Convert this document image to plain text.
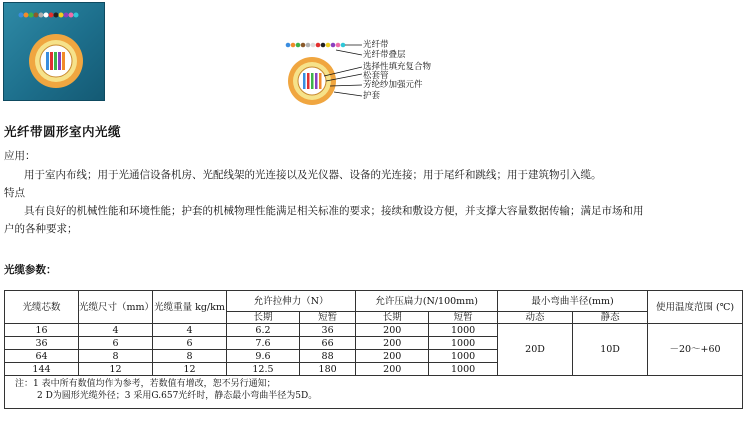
光纤带
光纤带叠层
选择性填充复合物
松套管
芳纶纱加强元件
护套
光纤带圆形室内光缆
应用：
用于室内布线；用于光通信设备机房、光配线架的光连接以及光仪器、设备的光连接；用于尾纤和跳线；用于建筑物引入缆。
特点
具有良好的机械性能和环境性能；护套的机械物理性能满足相关标准的要求；接续和敷设方便，并支撑大容量数据传输；满足市场和用
户的各种要求；
光缆参数：
光缆芯数	光缆尺寸（mm）	光缆重量 kg/km	允许拉伸力（N）		允许压扁力(N/100mm)		最小弯曲半径(mm)		使用温度范围 (℃)
			长期	短暂	长期	短暂	动态	静态	
16	4	4	6.2	36	200	1000	20D	10D	－20～+60
36	6	6	7.6	66	200	1000			
64	8	8	9.6	88	200	1000			
144	12	12	12.5	180	200	1000			

注：1 表中所有数值均作为参考，若数值有增改，恕不另行通知；
2 D为圆形光缆外径；3 采用G.657光纤时，静态最小弯曲半径为5D。									
